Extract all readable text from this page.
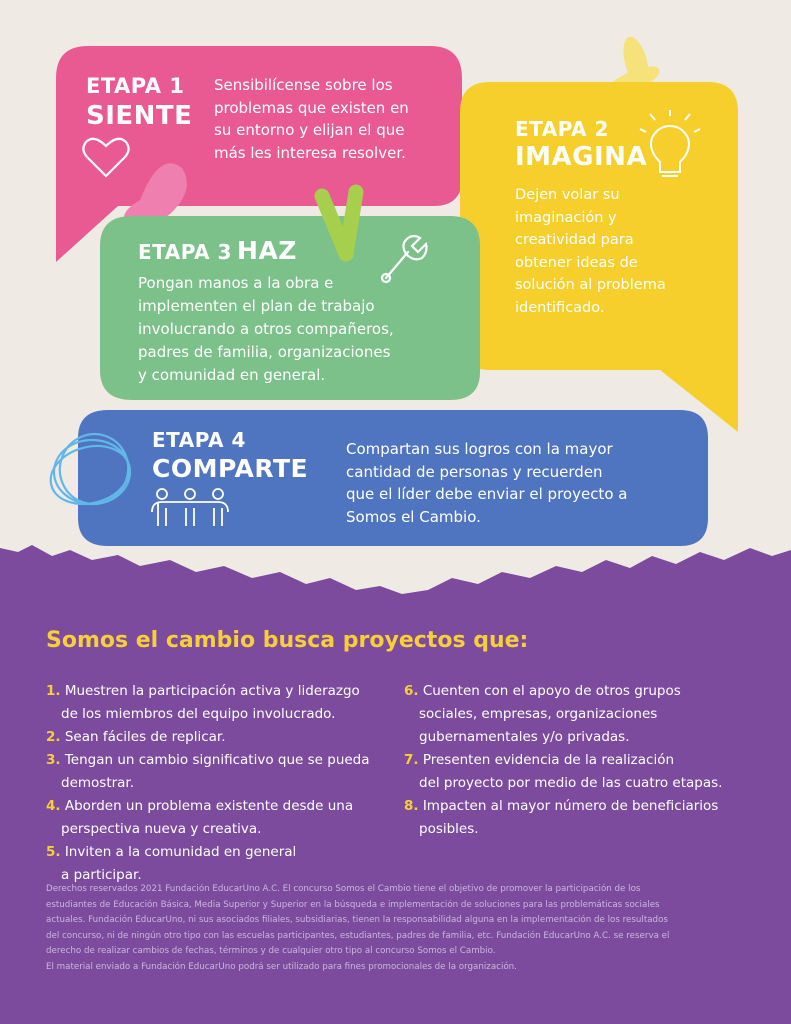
ETAPA 1
SIENTE
Sensibilícense sobre los
problemas que existen en
su entorno y elijan el que
más les interesa resolver.
ETAPA 2
IMAGINA
Dejen volar su
imaginación y
creatividad para
obtener ideas de
solución al problema
identificado.
ETAPA 3 HAZ
Pongan manos a la obra e
implementen el plan de trabajo
involucrando a otros compañeros,
padres de familia, organizaciones
y comunidad en general.
ETAPA 4
COMPARTE
Compartan sus logros con la mayor
cantidad de personas y recuerden
que el líder debe enviar el proyecto a
Somos el Cambio.
Somos el cambio busca proyectos que:
1. Muestren la participación activa y liderazgo
de los miembros del equipo involucrado.
2. Sean fáciles de replicar.
3. Tengan un cambio significativo que se pueda
demostrar.
4. Aborden un problema existente desde una
perspectiva nueva y creativa.
5. Inviten a la comunidad en general
a participar.
6. Cuenten con el apoyo de otros grupos
sociales, empresas, organizaciones
gubernamentales y/o privadas.
7. Presenten evidencia de la realización
del proyecto por medio de las cuatro etapas.
8. Impacten al mayor número de beneficiarios
posibles.
Derechos reservados 2021 Fundación EducarUno A.C. El concurso Somos el Cambio tiene el objetivo de promover la participación de los
estudiantes de Educación Básica, Media Superior y Superior en la búsqueda e implementación de soluciones para las problemáticas sociales
actuales. Fundación EducarUno, ni sus asociados filiales, subsidiarias, tienen la responsabilidad alguna en la implementación de los resultados
del concurso, ni de ningún otro tipo con las escuelas participantes, estudiantes, padres de familia, etc. Fundación EducarUno A.C. se reserva el
derecho de realizar cambios de fechas, términos y de cualquier otro tipo al concurso Somos el Cambio.
El material enviado a Fundación EducarUno podrá ser utilizado para fines promocionales de la organización.
